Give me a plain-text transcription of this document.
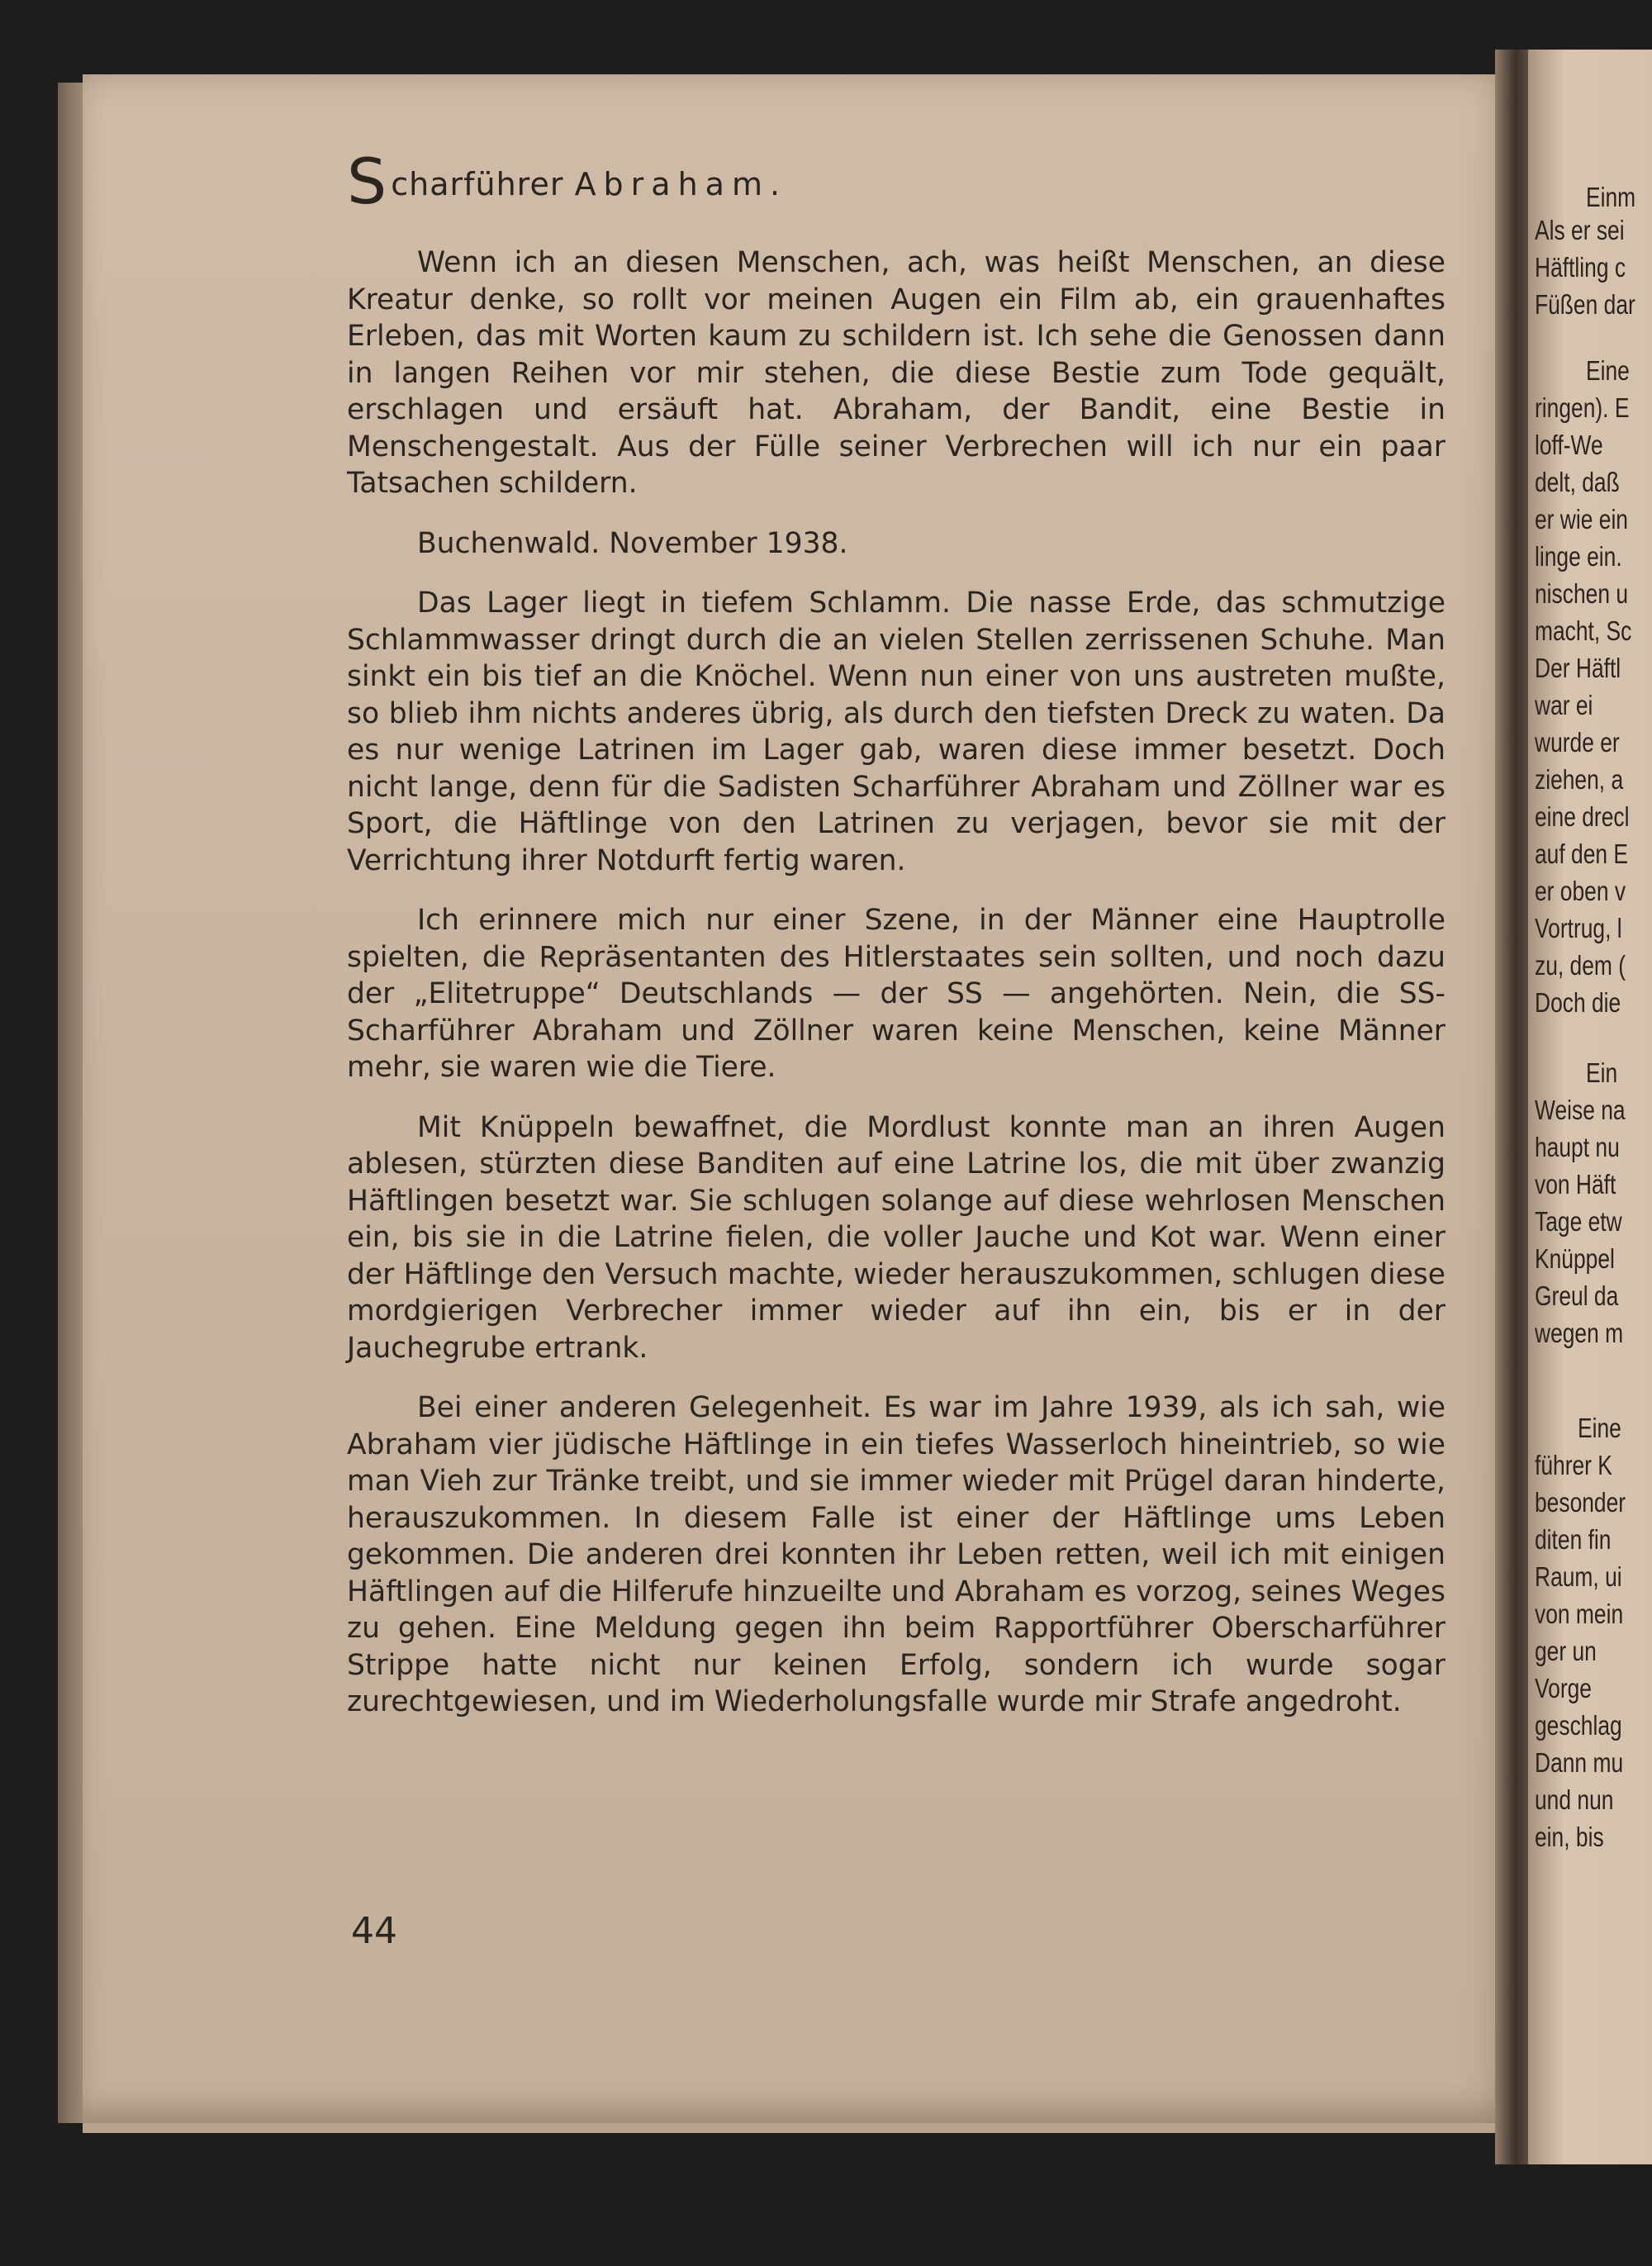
Einm
Als er sei
Häftling c
Füßen dar
Eine
ringen). E
loff-We
delt, daß
er wie ein
linge ein.
nischen u
macht, Sc
Der Häftl
war ei
wurde er
ziehen, a
eine drecl
auf den E
er oben v
Vortrug, l
zu, dem (
Doch die
Ein
Weise na
haupt nu
von Häft
Tage etw
Knüppel
Greul da
wegen m
Eine
führer K
besonder
diten fin
Raum, ui
von mein
ger un
Vorge
geschlag
Dann mu
und nun
ein, bis
Scharführer Abraham.

Wenn ich an diesen Menschen, ach, was heißt Menschen, an diese Kreatur denke, so rollt vor meinen Augen ein Film ab, ein grauenhaftes Erleben, das mit Worten kaum zu schildern ist. Ich sehe die Genossen dann in langen Reihen vor mir stehen, die diese Bestie zum Tode gequält, erschlagen und ersäuft hat. Abraham, der Bandit, eine Bestie in Menschengestalt. Aus der Fülle seiner Verbrechen will ich nur ein paar Tatsachen schildern.

Buchenwald. November 1938.

Das Lager liegt in tiefem Schlamm. Die nasse Erde, das schmutzige Schlammwasser dringt durch die an vielen Stellen zerrissenen Schuhe. Man sinkt ein bis tief an die Knöchel. Wenn nun einer von uns austreten mußte, so blieb ihm nichts anderes übrig, als durch den tiefsten Dreck zu waten. Da es nur wenige Latrinen im Lager gab, waren diese immer besetzt. Doch nicht lange, denn für die Sadisten Scharführer Abraham und Zöllner war es Sport, die Häftlinge von den Latrinen zu verjagen, bevor sie mit der Verrichtung ihrer Notdurft fertig waren.

Ich erinnere mich nur einer Szene, in der Männer eine Hauptrolle spielten, die Repräsentanten des Hitlerstaates sein sollten, und noch dazu der „Elitetruppe“ Deutschlands — der SS — angehörten. Nein, die SS-Scharführer Abraham und Zöllner waren keine Menschen, keine Männer mehr, sie waren wie die Tiere.

Mit Knüppeln bewaffnet, die Mordlust konnte man an ihren Augen ablesen, stürzten diese Banditen auf eine Latrine los, die mit über zwanzig Häftlingen besetzt war. Sie schlugen solange auf diese wehrlosen Menschen ein, bis sie in die Latrine fielen, die voller Jauche und Kot war. Wenn einer der Häftlinge den Versuch machte, wieder herauszukommen, schlugen diese mordgierigen Verbrecher immer wieder auf ihn ein, bis er in der Jauchegrube ertrank.

Bei einer anderen Gelegenheit. Es war im Jahre 1939, als ich sah, wie Abraham vier jüdische Häftlinge in ein tiefes Wasserloch hineintrieb, so wie man Vieh zur Tränke treibt, und sie immer wieder mit Prügel daran hinderte, herauszukommen. In diesem Falle ist einer der Häftlinge ums Leben gekommen. Die anderen drei konnten ihr Leben retten, weil ich mit einigen Häftlingen auf die Hilferufe hinzueilte und Abraham es vorzog, seines Weges zu gehen. Eine Meldung gegen ihn beim Rapportführer Oberscharführer Strippe hatte nicht nur keinen Erfolg, sondern ich wurde sogar zurechtgewiesen, und im Wiederholungsfalle wurde mir Strafe angedroht.

44
